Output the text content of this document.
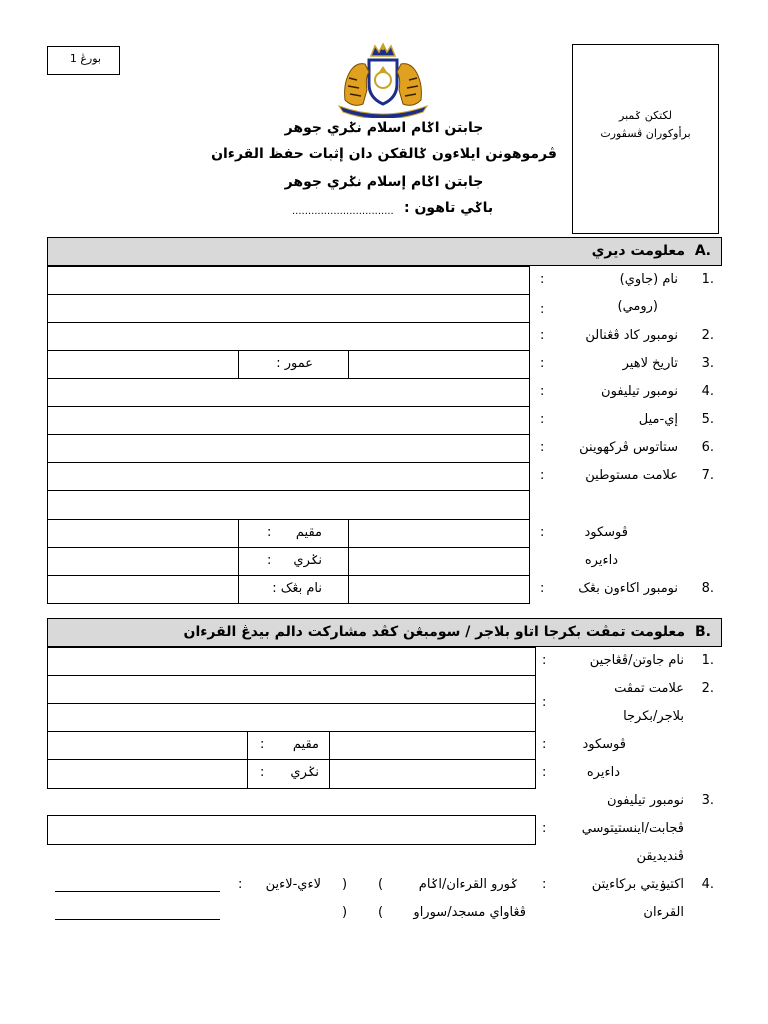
بورڠ 1
جابتن اݢام اسلام نݢري جوهر
ڤرموهونن ايلاءون ݢالقكن دان إثبات حفظ القرءان
جابتن اݢام إسلام نݢري جوهر
باݢي تاهون :
................................
لكتكن ݢمبر
برأوكوران ڤسڤورت
.A
معلومت ديري
عمور :
مقيم
:
نݢري
:
نام بڠک :
.1
نام (جاوي)
:
(رومي)
:
.2
نومبور كاد ڤڠنالن
:
.3
تاريخ لاهير
:
.4
نومبور تيليفون
:
.5
إي-ميل
:
.6
ستاتوس ڤركهوينن
:
.7
علامت مستوطين
:
ڤوسكود
:
داءيره
.8
نومبور اكاءون بڠک
:
.B
معلومت تمڤت بكرجا اتاو بلاجر / سومبڠن كڤد مشاركت دالم بيدڠ القرءان
مقيم
:
نݢري
:
.1
نام جاوتن/ڤڠاجين
:
.2
علامت تمڤت
:
بلاجر/بكرجا
ڤوسكود
:
داءيره
:
.3
نومبور تيليفون
ڤجابت/اينستيتوسي
:
ڤنديديقن
.4
اكتيۏيتي بركاءيتن
:
القرءان
ݢورو القرءان/اݢام
(
)
لاءي-لاءين
:
ڤڠاواي مسجد/سوراو
(
)
